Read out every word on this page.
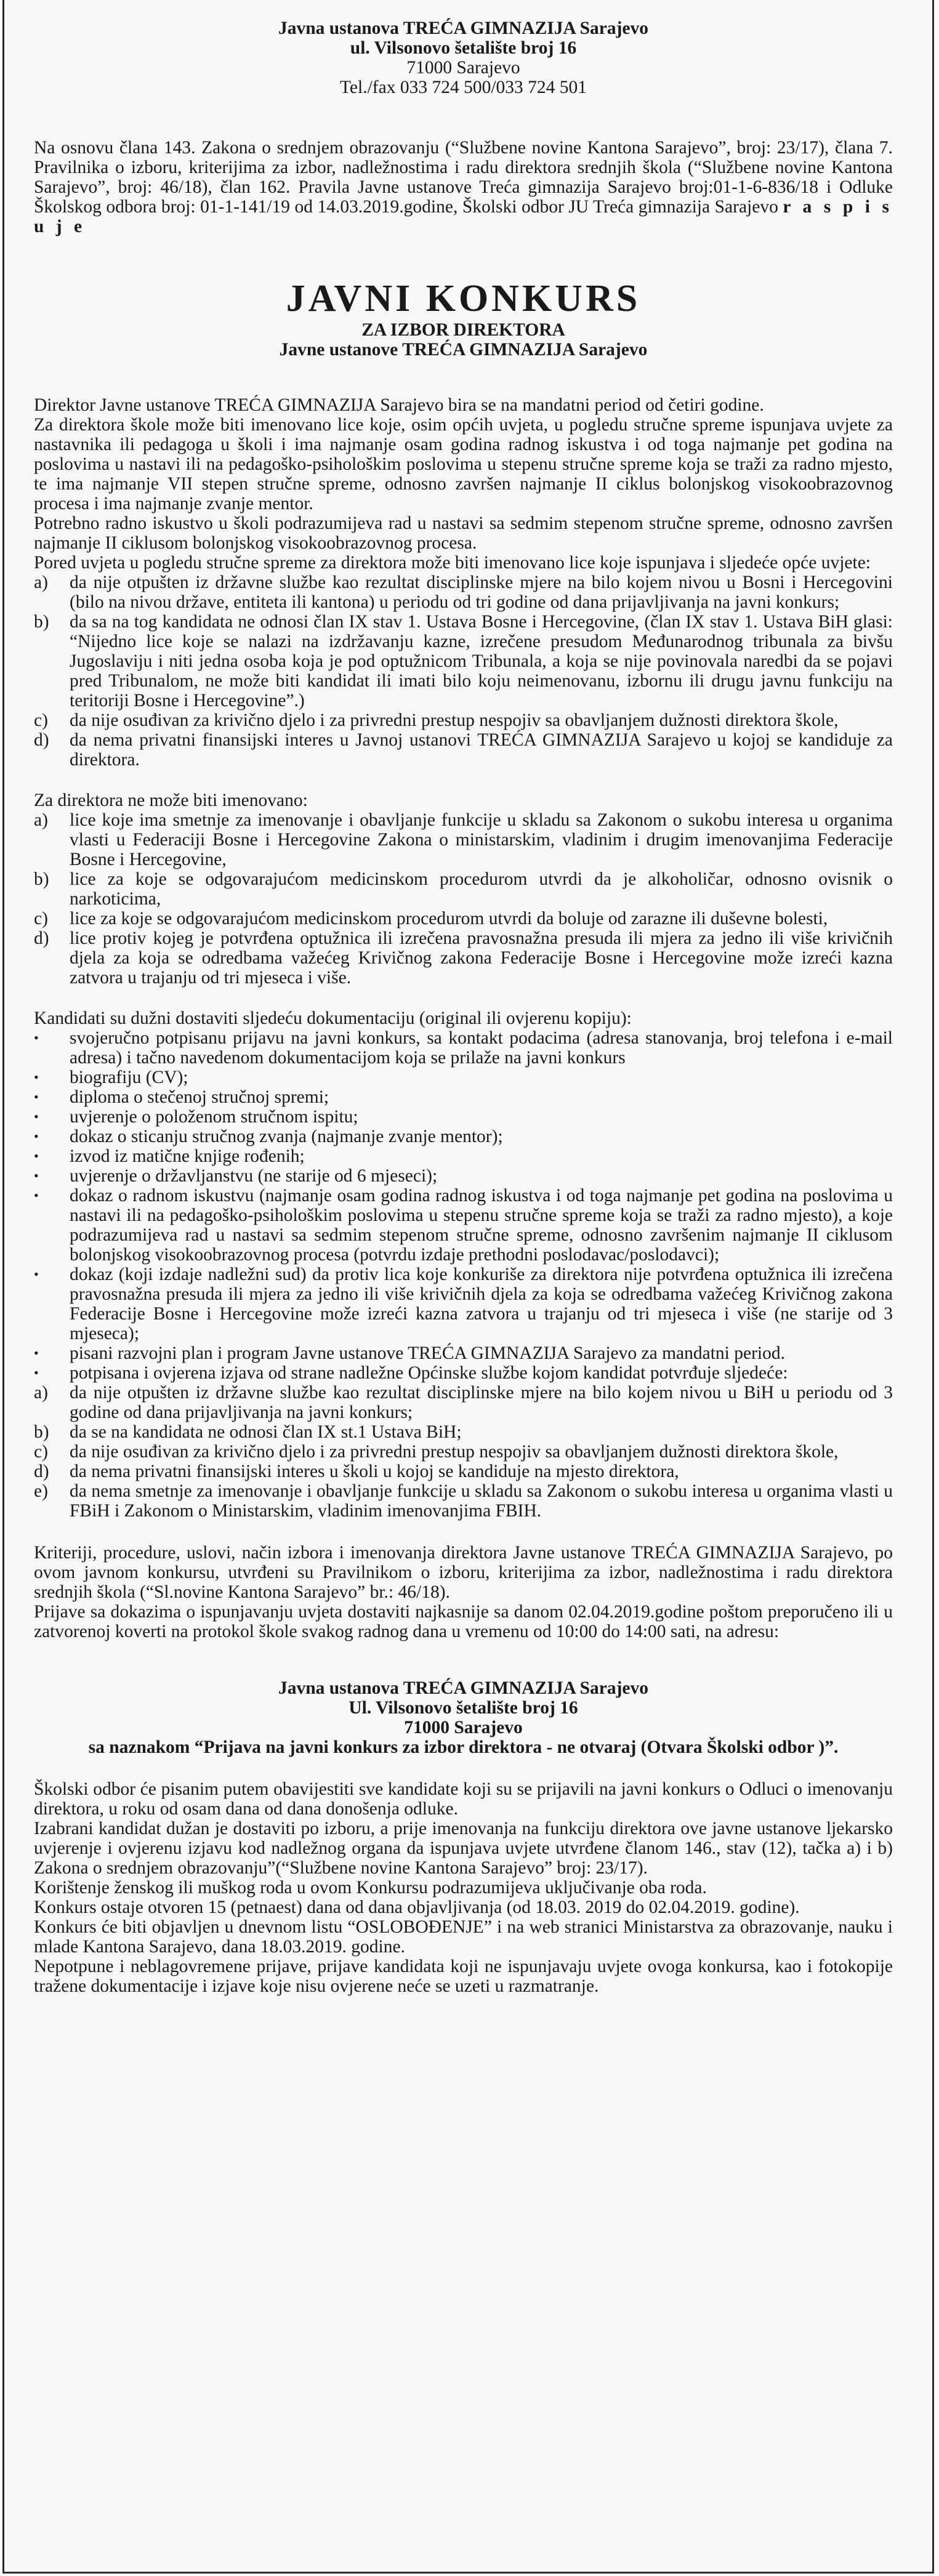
Javna ustanova TREĆA GIMNAZIJA Sarajevo

ul. Vilsonovo šetalište broj 16

71000 Sarajevo

Tel./fax 033 724 500/033 724 501

Na osnovu člana 143. Zakona o srednjem obrazovanju (“Službene novine Kantona Sarajevo”, broj: 23/17), člana 7. Pravilnika o izboru, kriterijima za izbor, nadležnostima i radu direktora srednjih škola (“Službene novine Kantona Sarajevo”, broj: 46/18), član 162. Pravila Javne ustanove Treća gimnazija Sarajevo broj:01-1-6-836/18 i Odluke Školskog odbora broj: 01-1-141/19 od 14.03.2019.godine, Školski odbor JU Treća gimnazija Sarajevo r a s p i s u j e

JAVNI KONKURS

ZA IZBOR DIREKTORA

Javne ustanove TREĆA GIMNAZIJA Sarajevo

Direktor Javne ustanove TREĆA GIMNAZIJA Sarajevo bira se na mandatni period od četiri godine.

Za direktora škole može biti imenovano lice koje, osim općih uvjeta, u pogledu stručne spreme ispunjava uvjete za nastavnika ili pedagoga u školi i ima najmanje osam godina radnog iskustva i od toga najmanje pet godina na poslovima u nastavi ili na pedagoško-psihološkim poslovima u stepenu stručne spreme koja se traži za radno mjesto, te ima najmanje VII stepen stručne spreme, odnosno završen najmanje II ciklus bolonjskog visokoobrazovnog procesa i ima najmanje zvanje mentor.

Potrebno radno iskustvo u školi podrazumijeva rad u nastavi sa sedmim stepenom stručne spreme, odnosno završen najmanje II ciklusom bolonjskog visokoobrazovnog procesa.

Pored uvjeta u pogledu stručne spreme za direktora može biti imenovano lice koje ispunjava i sljedeće opće uvjete:

a) da nije otpušten iz državne službe kao rezultat disciplinske mjere na bilo kojem nivou u Bosni i Hercegovini (bilo na nivou države, entiteta ili kantona) u periodu od tri godine od dana prijavljivanja na javni konkurs;
b) da sa na tog kandidata ne odnosi član IX stav 1. Ustava Bosne i Hercegovine, (član IX stav 1. Ustava BiH glasi: “Nijedno lice koje se nalazi na izdržavanju kazne, izrečene presudom Međunarodnog tribunala za bivšu Jugoslaviju i niti jedna osoba koja je pod optužnicom Tribunala, a koja se nije povinovala naredbi da se pojavi pred Tribunalom, ne može biti kandidat ili imati bilo koju neimenovanu, izbornu ili drugu javnu funkciju na teritoriji Bosne i Hercegovine”.)
c) da nije osuđivan za krivično djelo i za privredni prestup nespojiv sa obavljanjem dužnosti direktora škole,
d) da nema privatni finansijski interes u Javnoj ustanovi TREĆA GIMNAZIJA Sarajevo u kojoj se kandiduje za direktora.

Za direktora ne može biti imenovano:

a) lice koje ima smetnje za imenovanje i obavljanje funkcije u skladu sa Zakonom o sukobu interesa u organima vlasti u Federaciji Bosne i Hercegovine Zakona o ministarskim, vladinim i drugim imenovanjima Federacije Bosne i Hercegovine,
b) lice za koje se odgovarajućom medicinskom procedurom utvrdi da je alkoholičar, odnosno ovisnik o narkoticima,
c) lice za koje se odgovarajućom medicinskom procedurom utvrdi da boluje od zarazne ili duševne bolesti,
d) lice protiv kojeg je potvrđena optužnica ili izrečena pravosnažna presuda ili mjera za jedno ili više krivičnih djela za koja se odredbama važećeg Krivičnog zakona Federacije Bosne i Hercegovine može izreći kazna zatvora u trajanju od tri mjeseca i više.

Kandidati su dužni dostaviti sljedeću dokumentaciju (original ili ovjerenu kopiju):

• svojeručno potpisanu prijavu na javni konkurs, sa kontakt podacima (adresa stanovanja, broj telefona i e-mail adresa) i tačno navedenom dokumentacijom koja se prilaže na javni konkurs
• biografiju (CV);
• diploma o stečenoj stručnoj spremi;
• uvjerenje o položenom stručnom ispitu;
• dokaz o sticanju stručnog zvanja (najmanje zvanje mentor);
• izvod iz matične knjige rođenih;
• uvjerenje o državljanstvu (ne starije od 6 mjeseci);
• dokaz o radnom iskustvu (najmanje osam godina radnog iskustva i od toga najmanje pet godina na poslovima u nastavi ili na pedagoško-psihološkim poslovima u stepenu stručne spreme koja se traži za radno mjesto), a koje podrazumijeva rad u nastavi sa sedmim stepenom stručne spreme, odnosno završenim najmanje II ciklusom bolonjskog visokoobrazovnog procesa (potvrdu izdaje prethodni poslodavac/poslodavci);
• dokaz (koji izdaje nadležni sud) da protiv lica koje konkuriše za direktora nije potvrđena optužnica ili izrečena pravosnažna presuda ili mjera za jedno ili više krivičnih djela za koja se odredbama važećeg Krivičnog zakona Federacije Bosne i Hercegovine može izreći kazna zatvora u trajanju od tri mjeseca i više (ne starije od 3 mjeseca);
• pisani razvojni plan i program Javne ustanove TREĆA GIMNAZIJA Sarajevo za mandatni period.
• potpisana i ovjerena izjava od strane nadležne Općinske službe kojom kandidat potvrđuje sljedeće:
a) da nije otpušten iz državne službe kao rezultat disciplinske mjere na bilo kojem nivou u BiH u periodu od 3 godine od dana prijavljivanja na javni konkurs;
b) da se na kandidata ne odnosi član IX st.1 Ustava BiH;
c) da nije osuđivan za krivično djelo i za privredni prestup nespojiv sa obavljanjem dužnosti direktora škole,
d) da nema privatni finansijski interes u školi u kojoj se kandiduje na mjesto direktora,
e) da nema smetnje za imenovanje i obavljanje funkcije u skladu sa Zakonom o sukobu interesa u organima vlasti u FBiH i Zakonom o Ministarskim, vladinim imenovanjima FBIH.

Kriteriji, procedure, uslovi, način izbora i imenovanja direktora Javne ustanove TREĆA GIMNAZIJA Sarajevo, po ovom javnom konkursu, utvrđeni su Pravilnikom o izboru, kriterijima za izbor, nadležnostima i radu direktora srednjih škola (“Sl.novine Kantona Sarajevo” br.: 46/18).

Prijave sa dokazima o ispunjavanju uvjeta dostaviti najkasnije sa danom 02.04.2019.godine poštom preporučeno ili u zatvorenoj koverti na protokol škole svakog radnog dana u vremenu od 10:00 do 14:00 sati, na adresu:

Javna ustanova TREĆA GIMNAZIJA Sarajevo

Ul. Vilsonovo šetalište broj 16

71000 Sarajevo

sa naznakom “Prijava na javni konkurs za izbor direktora - ne otvaraj (Otvara Školski odbor )”.

Školski odbor će pisanim putem obavijestiti sve kandidate koji su se prijavili na javni konkurs o Odluci o imenovanju direktora, u roku od osam dana od dana donošenja odluke.

Izabrani kandidat dužan je dostaviti po izboru, a prije imenovanja na funkciju direktora ove javne ustanove ljekarsko uvjerenje i ovjerenu izjavu kod nadležnog organa da ispunjava uvjete utvrđene članom 146., stav (12), tačka a) i b) Zakona o srednjem obrazovanju”(“Službene novine Kantona Sarajevo” broj: 23/17).

Korištenje ženskog ili muškog roda u ovom Konkursu podrazumijeva uključivanje oba roda.

Konkurs ostaje otvoren 15 (petnaest) dana od dana objavljivanja (od 18.03. 2019 do 02.04.2019. godine).

Konkurs će biti objavljen u dnevnom listu “OSLOBOĐENJE” i na web stranici Ministarstva za obrazovanje, nauku i mlade Kantona Sarajevo, dana 18.03.2019. godine.

Nepotpune i neblagovremene prijave, prijave kandidata koji ne ispunjavaju uvjete ovoga konkursa, kao i fotokopije tražene dokumentacije i izjave koje nisu ovjerene neće se uzeti u razmatranje.
